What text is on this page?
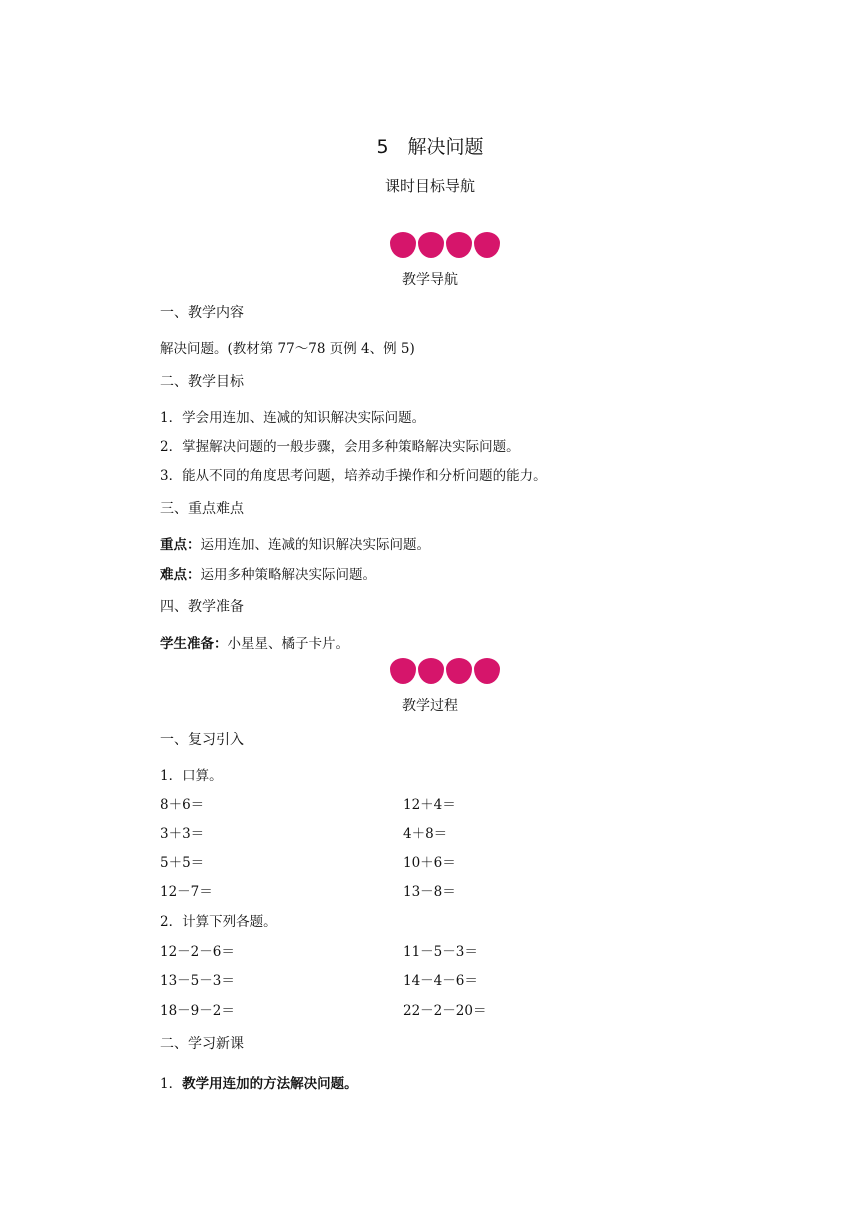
5　解决问题
课时目标导航
教学导航
一、教学内容
解决问题。(教材第 77～78 页例 4、例 5)
二、教学目标
1．学会用连加、连减的知识解决实际问题。
2．掌握解决问题的一般步骤，会用多种策略解决实际问题。
3．能从不同的角度思考问题，培养动手操作和分析问题的能力。
三、重点难点
重点：运用连加、连减的知识解决实际问题。
难点：运用多种策略解决实际问题。
四、教学准备
学生准备：小星星、橘子卡片。
教学过程
一、复习引入
1．口算。
8＋6＝	12＋4＝
3＋3＝	4＋8＝
5＋5＝	10＋6＝
12－7＝	13－8＝
2．计算下列各题。
12－2－6＝	11－5－3＝
13－5－3＝	14－4－6＝
18－9－2＝	22－2－20＝
二、学习新课
1．教学用连加的方法解决问题。
